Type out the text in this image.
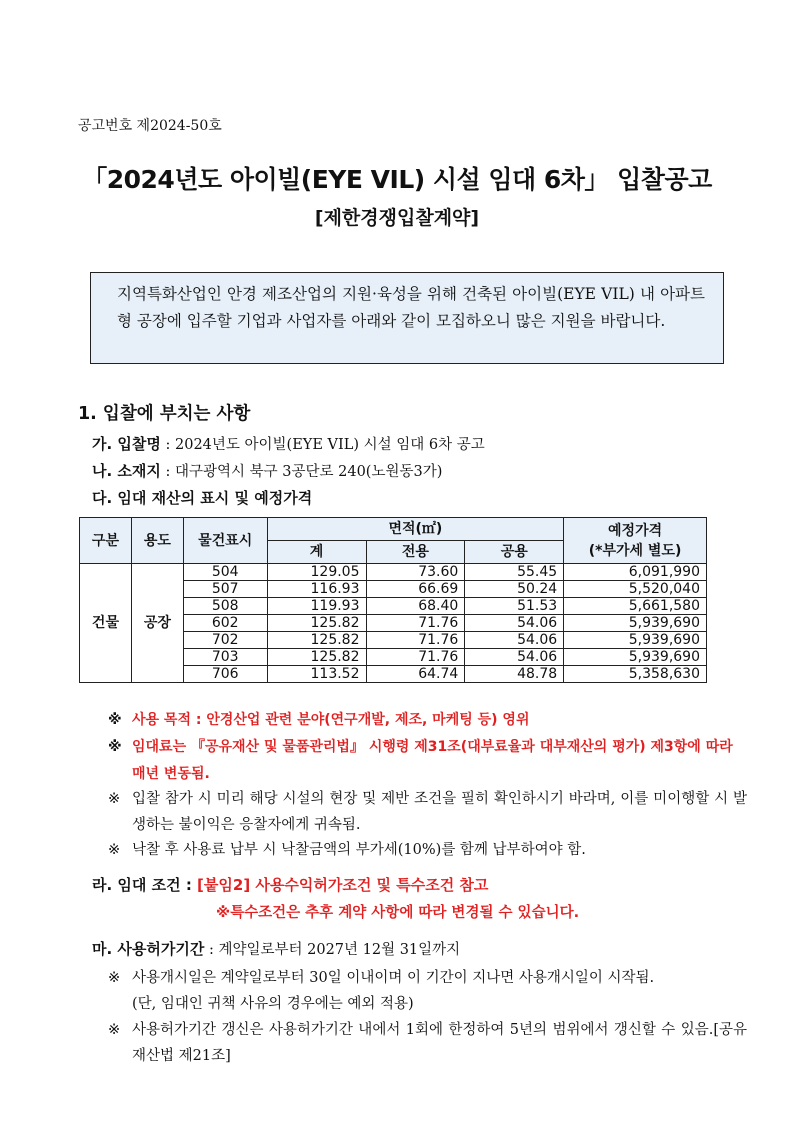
공고번호 제2024-50호
「2024년도 아이빌(EYE VIL) 시설 임대 6차」 입찰공고
[제한경쟁입찰계약]
지역특화산업인 안경 제조산업의 지원·육성을 위해 건축된 아이빌(EYE VIL) 내 아파트형 공장에 입주할 기업과 사업자를 아래와 같이 모집하오니 많은 지원을 바랍니다.
1. 입찰에 부치는 사항
가. 입찰명 : 2024년도 아이빌(EYE VIL) 시설 임대 6차 공고
나. 소재지 : 대구광역시 북구 3공단로 240(노원동3가)
다. 임대 재산의 표시 및 예정가격
구분	용도	물건표시	면적(㎡)			예정가격
(*부가세 별도)

			계	전용	공용	
건물	공장	504	129.05	73.60	55.45	6,091,990
		507	116.93	66.69	50.24	5,520,040
		508	119.93	68.40	51.53	5,661,580
		602	125.82	71.76	54.06	5,939,690
		702	125.82	71.76	54.06	5,939,690
		703	125.82	71.76	54.06	5,939,690
		706	113.52	64.74	48.78	5,358,630
※ 사용 목적 : 안경산업 관련 분야(연구개발, 제조, 마케팅 등) 영위
※ 임대료는 『공유재산 및 물품관리법』 시행령 제31조(대부료율과 대부재산의 평가) 제3항에 따라 매년 변동됨.
※ 입찰 참가 시 미리 해당 시설의 현장 및 제반 조건을 필히 확인하시기 바라며, 이를 미이행할 시 발생하는 불이익은 응찰자에게 귀속됨.
※ 낙찰 후 사용료 납부 시 낙찰금액의 부가세(10%)를 함께 납부하여야 함.
라. 임대 조건 : [붙임2] 사용수익허가조건 및 특수조건 참고
※특수조건은 추후 계약 사항에 따라 변경될 수 있습니다.
마. 사용허가기간 : 계약일로부터 2027년 12월 31일까지
※ 사용개시일은 계약일로부터 30일 이내이며 이 기간이 지나면 사용개시일이 시작됨.
(단, 임대인 귀책 사유의 경우에는 예외 적용)
※ 사용허가기간 갱신은 사용허가기간 내에서 1회에 한정하여 5년의 범위에서 갱신할 수 있음.[공유재산법 제21조]
